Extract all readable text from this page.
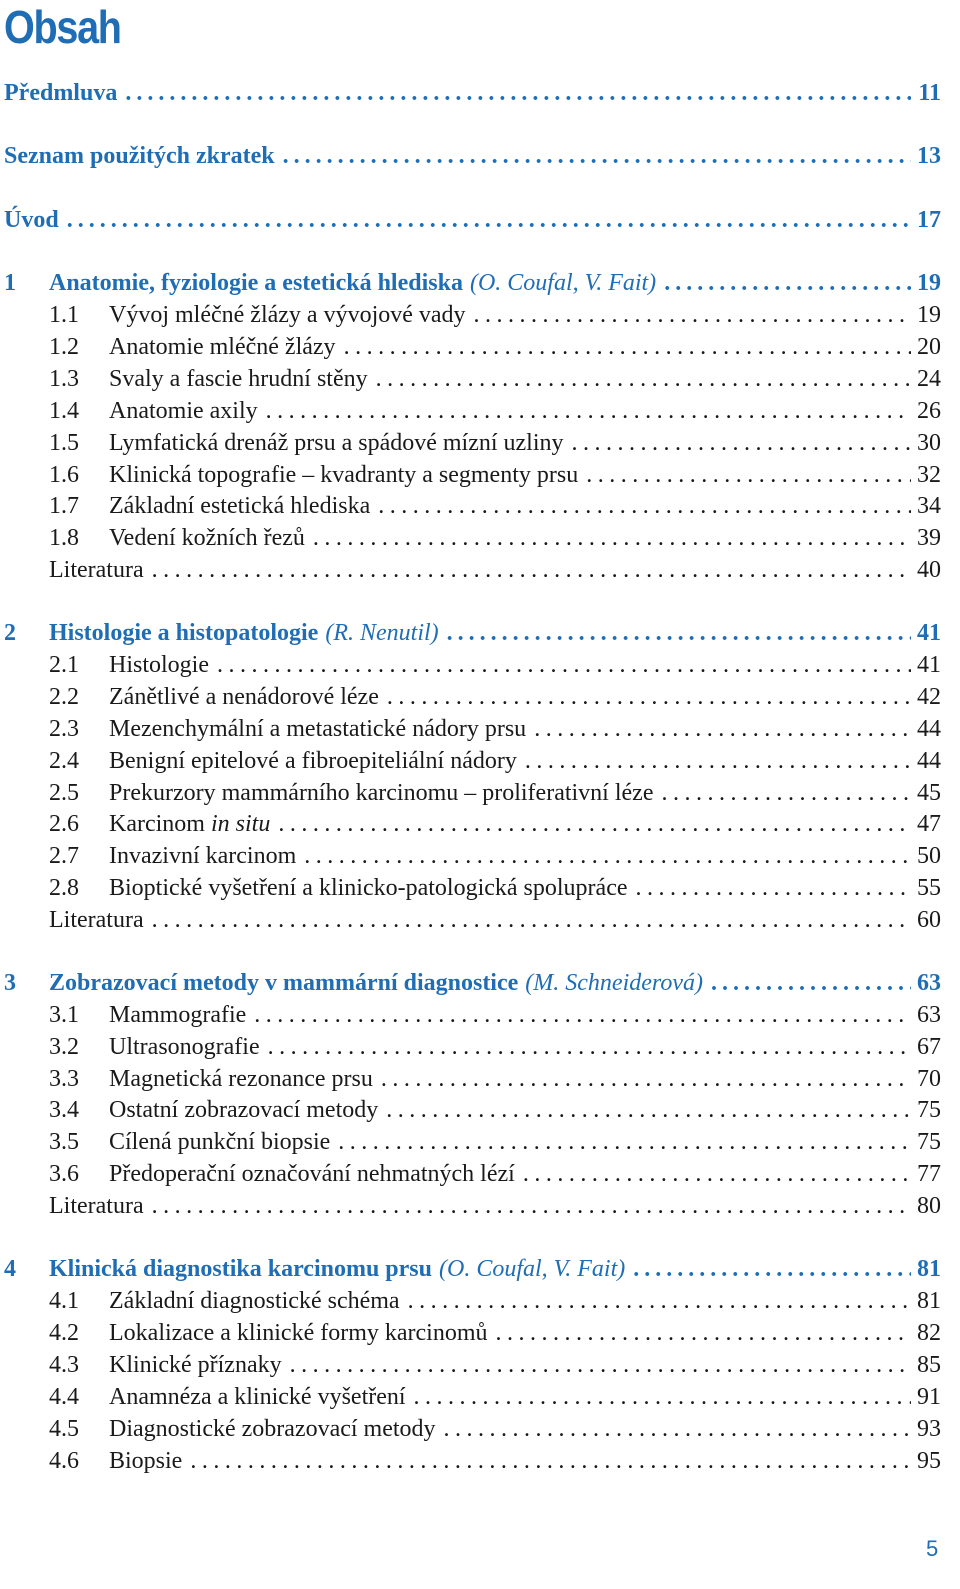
Obsah
Předmluva . . .	11
Seznam použitých zkratek . . .	13
Úvod . . .	17
1	Anatomie, fyziologie a estetická hlediska (O. Coufal, V. Fait) . . .	19
1.1	Vývoj mléčné žlázy a vývojové vady . . .	19
1.2	Anatomie mléčné žlázy . . .	20
1.3	Svaly a fascie hrudní stěny . . .	24
1.4	Anatomie axily . . .	26
1.5	Lymfatická drenáž prsu a spádové mízní uzliny . . .	30
1.6	Klinická topografie – kvadranty a segmenty prsu . . .	32
1.7	Základní estetická hlediska . . .	34
1.8	Vedení kožních řezů . . .	39
Literatura . . .	40
2	Histologie a histopatologie (R. Nenutil) . . .	41
2.1	Histologie . . .	41
2.2	Zánětlivé a nenádorové léze . . .	42
2.3	Mezenchymální a metastatické nádory prsu . . .	44
2.4	Benigní epitelové a fibroepiteliální nádory . . .	44
2.5	Prekurzory mammárního karcinomu – proliferativní léze . . .	45
2.6	Karcinom in situ . . .	47
2.7	Invazivní karcinom . . .	50
2.8	Bioptické vyšetření a klinicko-patologická spolupráce . . .	55
Literatura . . .	60
3	Zobrazovací metody v mammární diagnostice (M. Schneiderová) . . .	63
3.1	Mammografie . . .	63
3.2	Ultrasonografie . . .	67
3.3	Magnetická rezonance prsu . . .	70
3.4	Ostatní zobrazovací metody . . .	75
3.5	Cílená punkční biopsie . . .	75
3.6	Předoperační označování nehmatných lézí . . .	77
Literatura . . .	80
4	Klinická diagnostika karcinomu prsu (O. Coufal, V. Fait) . . .	81
4.1	Základní diagnostické schéma . . .	81
4.2	Lokalizace a klinické formy karcinomů . . .	82
4.3	Klinické příznaky . . .	85
4.4	Anamnéza a klinické vyšetření . . .	91
4.5	Diagnostické zobrazovací metody . . .	93
4.6	Biopsie . . .	95
5
